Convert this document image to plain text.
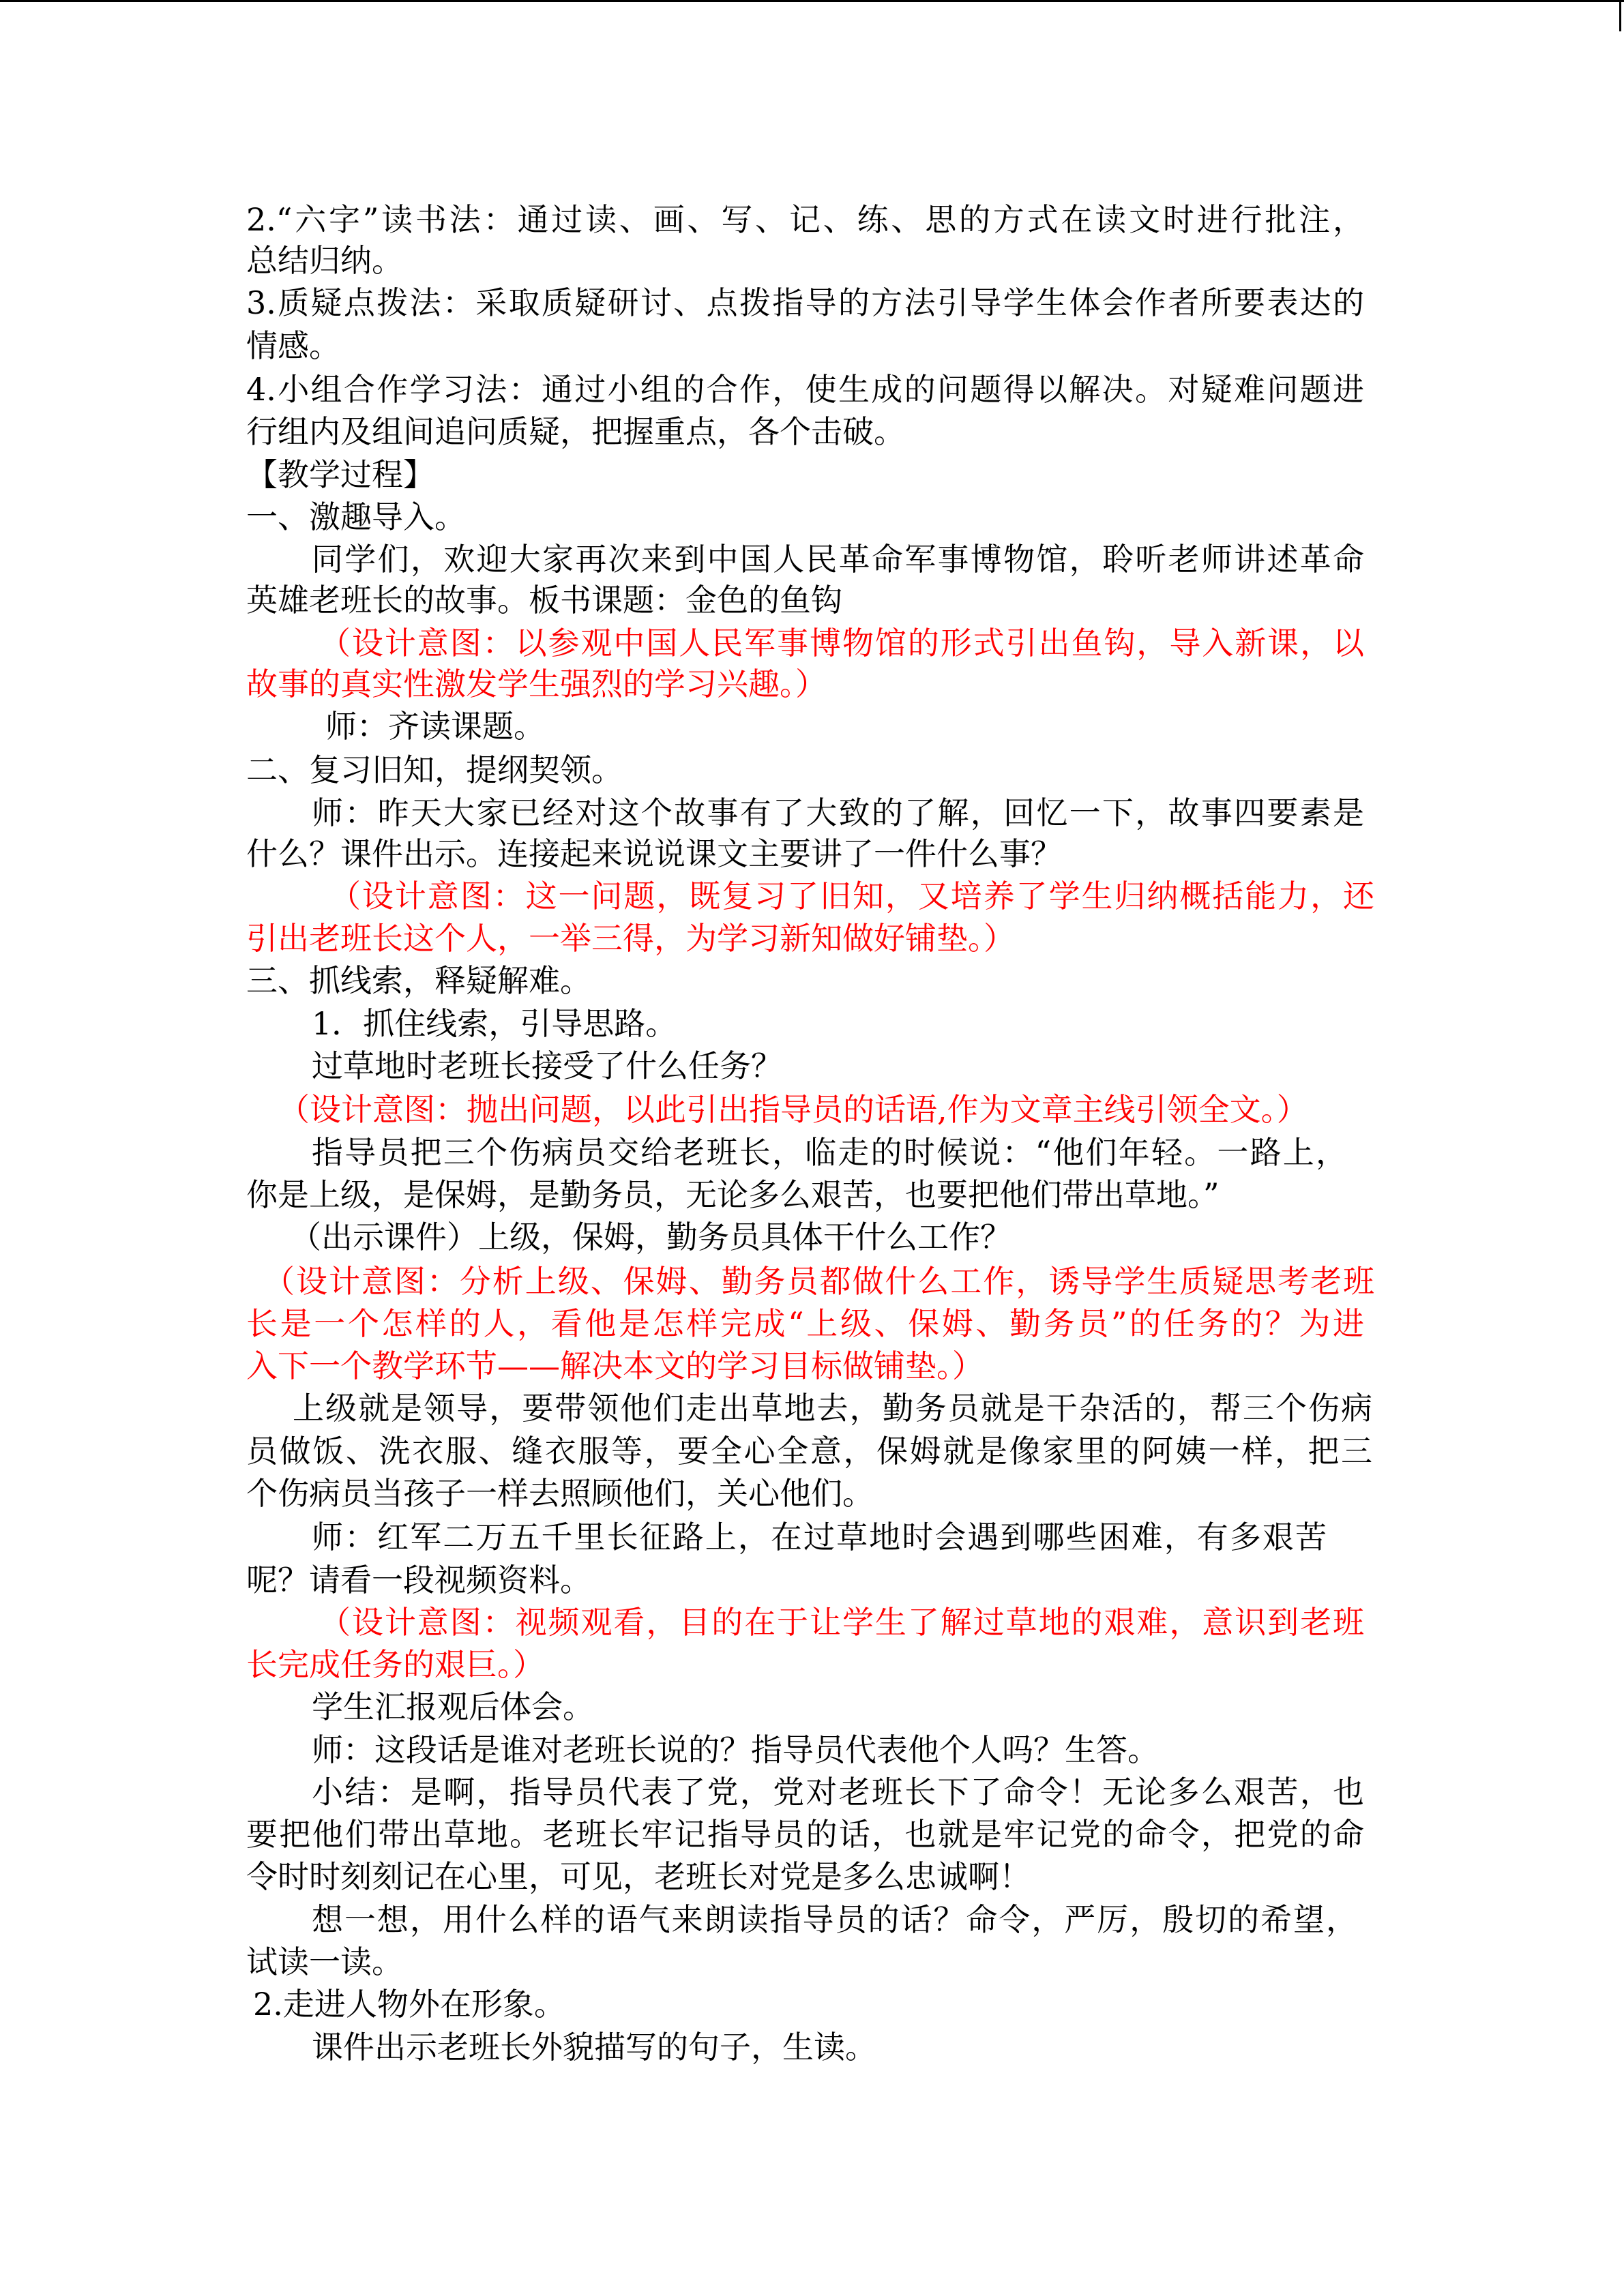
2.“六字”读书法：通过读、画、写、记、练、思的方式在读文时进行批注，
总结归纳。
3.质疑点拨法：采取质疑研讨、点拨指导的方法引导学生体会作者所要表达的
情感。
4.小组合作学习法：通过小组的合作，使生成的问题得以解决。对疑难问题进
行组内及组间追问质疑，把握重点，各个击破。
【教学过程】
一、激趣导入。
同学们，欢迎大家再次来到中国人民革命军事博物馆，聆听老师讲述革命
英雄老班长的故事。板书课题：金色的鱼钩
（设计意图：以参观中国人民军事博物馆的形式引出鱼钩，导入新课，以
故事的真实性激发学生强烈的学习兴趣。）
师：齐读课题。
二、复习旧知，提纲契领。
师：昨天大家已经对这个故事有了大致的了解，回忆一下，故事四要素是
什么？课件出示。连接起来说说课文主要讲了一件什么事？
（设计意图：这一问题，既复习了旧知，又培养了学生归纳概括能力，还
引出老班长这个人，一举三得，为学习新知做好铺垫。）
三、抓线索，释疑解难。
1．抓住线索，引导思路。
过草地时老班长接受了什么任务？
（设计意图：抛出问题，以此引出指导员的话语,作为文章主线引领全文。）
指导员把三个伤病员交给老班长，临走的时候说：“他们年轻。一路上，
你是上级，是保姆，是勤务员，无论多么艰苦，也要把他们带出草地。”
（出示课件）上级，保姆，勤务员具体干什么工作？
（设计意图：分析上级、保姆、勤务员都做什么工作，诱导学生质疑思考老班
长是一个怎样的人，看他是怎样完成“上级、保姆、勤务员”的任务的？为进
入下一个教学环节——解决本文的学习目标做铺垫。）
上级就是领导，要带领他们走出草地去，勤务员就是干杂活的，帮三个伤病
员做饭、洗衣服、缝衣服等，要全心全意，保姆就是像家里的阿姨一样，把三
个伤病员当孩子一样去照顾他们，关心他们。
师：红军二万五千里长征路上，在过草地时会遇到哪些困难，有多艰苦
呢？请看一段视频资料。
（设计意图：视频观看，目的在于让学生了解过草地的艰难，意识到老班
长完成任务的艰巨。）
学生汇报观后体会。
师：这段话是谁对老班长说的？指导员代表他个人吗？生答。
小结：是啊，指导员代表了党，党对老班长下了命令！无论多么艰苦，也
要把他们带出草地。老班长牢记指导员的话，也就是牢记党的命令，把党的命
令时时刻刻记在心里，可见，老班长对党是多么忠诚啊！
想一想，用什么样的语气来朗读指导员的话？命令，严厉，殷切的希望，
试读一读。
2.走进人物外在形象。
课件出示老班长外貌描写的句子，生读。
